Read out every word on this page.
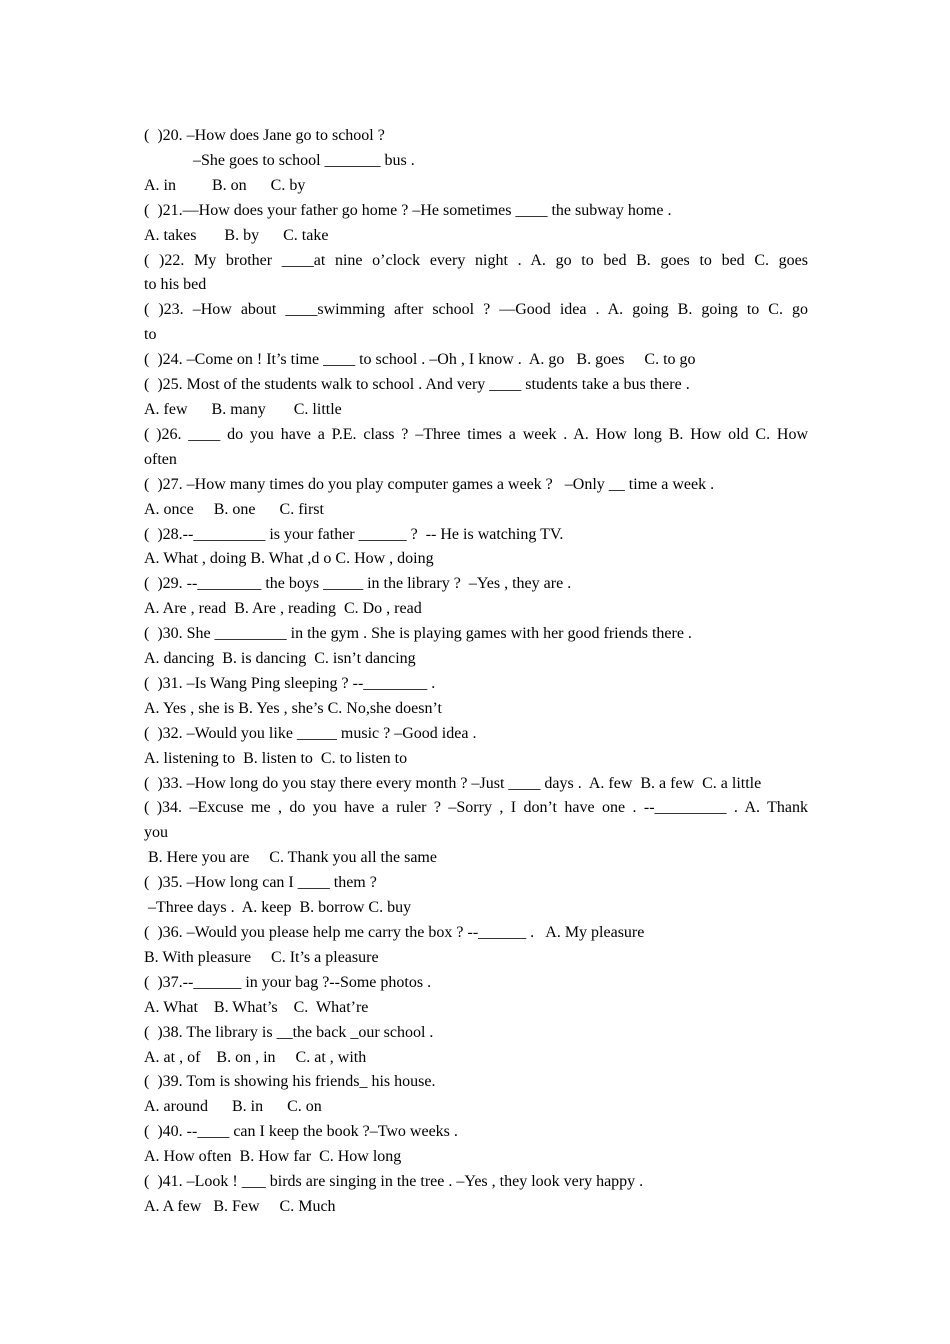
(  )20. –How does Jane go to school ?
–She goes to school _______ bus .
A. in         B. on      C. by
(  )21.—How does your father go home ? –He sometimes ____ the subway home .
A. takes       B. by      C. take
( )22. My brother ____at nine o’clock every night . A. go to bed B. goes to bed C. goes
to his bed
( )23. –How about ____swimming after school ? —Good idea . A. going B. going to C. go
to
(  )24. –Come on ! It’s time ____ to school . –Oh , I know .  A. go   B. goes     C. to go
(  )25. Most of the students walk to school . And very ____ students take a bus there .
A. few      B. many       C. little
( )26. ____ do you have a P.E. class ? –Three times a week . A. How long B. How old C. How
often
(  )27. –How many times do you play computer games a week ?   –Only __ time a week .
A. once     B. one      C. first
(  )28.--_________ is your father ______ ?  -- He is watching TV.
A. What , doing B. What ,d o C. How , doing
(  )29. --________ the boys _____ in the library ?  –Yes , they are .
A. Are , read  B. Are , reading  C. Do , read
(  )30. She _________ in the gym . She is playing games with her good friends there .
A. dancing  B. is dancing  C. isn’t dancing
(  )31. –Is Wang Ping sleeping ? --________ .
A. Yes , she is B. Yes , she’s C. No,she doesn’t
(  )32. –Would you like _____ music ? –Good idea .
A. listening to  B. listen to  C. to listen to
(  )33. –How long do you stay there every month ? –Just ____ days .  A. few  B. a few  C. a little
( )34. –Excuse me , do you have a ruler ? –Sorry , I don’t have one . --_________ . A. Thank
you
B. Here you are     C. Thank you all the same
(  )35. –How long can I ____ them ?
–Three days .  A. keep  B. borrow C. buy
(  )36. –Would you please help me carry the box ? --______ .   A. My pleasure
B. With pleasure     C. It’s a pleasure
(  )37.--______ in your bag ?--Some photos .
A. What    B. What’s    C.  What’re
(  )38. The library is __the back _our school .
A. at , of    B. on , in     C. at , with
(  )39. Tom is showing his friends_ his house.
A. around      B. in      C. on
(  )40. --____ can I keep the book ?–Two weeks .
A. How often  B. How far  C. How long
(  )41. –Look ! ___ birds are singing in the tree . –Yes , they look very happy .
A. A few   B. Few     C. Much
